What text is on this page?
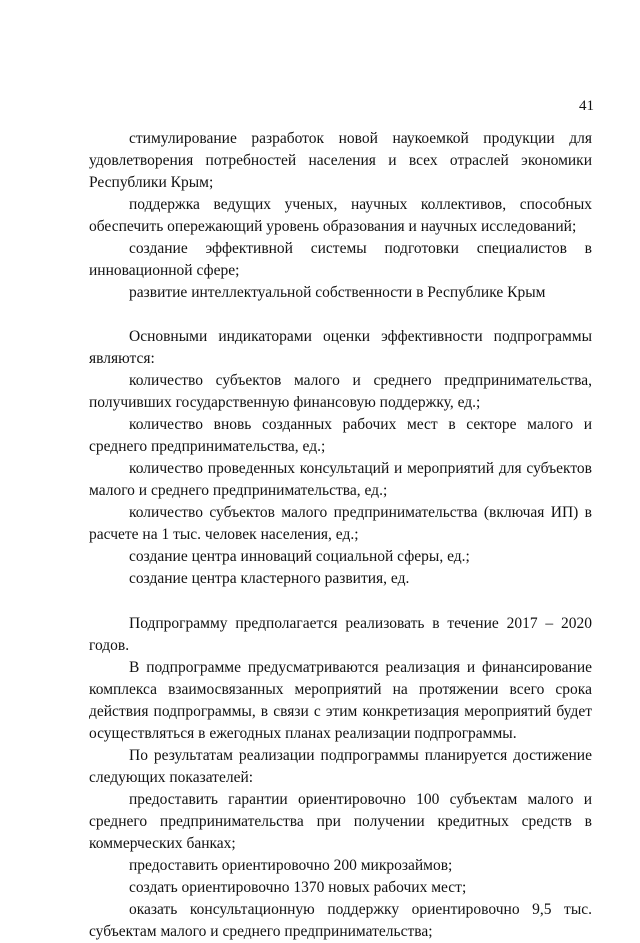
41

стимулирование разработок новой наукоемкой продукции для удовлетворения потребностей населения и всех отраслей экономики Республики Крым;

поддержка ведущих ученых, научных коллективов, способных обеспечить опережающий уровень образования и научных исследований;

создание эффективной системы подготовки специалистов в инновационной сфере;

развитие интеллектуальной собственности в Республике Крым

Основными индикаторами оценки эффективности подпрограммы являются:

количество субъектов малого и среднего предпринимательства, получивших государственную финансовую поддержку, ед.;

количество вновь созданных рабочих мест в секторе малого и среднего предпринимательства, ед.;

количество проведенных консультаций и мероприятий для субъектов малого и среднего предпринимательства, ед.;

количество субъектов малого предпринимательства (включая ИП) в расчете на 1 тыс. человек населения, ед.;

создание центра инноваций социальной сферы, ед.;

создание центра кластерного развития, ед.

Подпрограмму предполагается реализовать в течение 2017 – 2020 годов.

В подпрограмме предусматриваются реализация и финансирование комплекса взаимосвязанных мероприятий на протяжении всего срока действия подпрограммы, в связи с этим конкретизация мероприятий будет осуществляться в ежегодных планах реализации подпрограммы.

По результатам реализации подпрограммы планируется достижение следующих показателей:

предоставить гарантии ориентировочно 100 субъектам малого и среднего предпринимательства при получении кредитных средств в коммерческих банках;

предоставить ориентировочно 200 микрозаймов;

создать ориентировочно 1370 новых рабочих мест;

оказать консультационную поддержку ориентировочно 9,5 тыс. субъектам малого и среднего предпринимательства;
